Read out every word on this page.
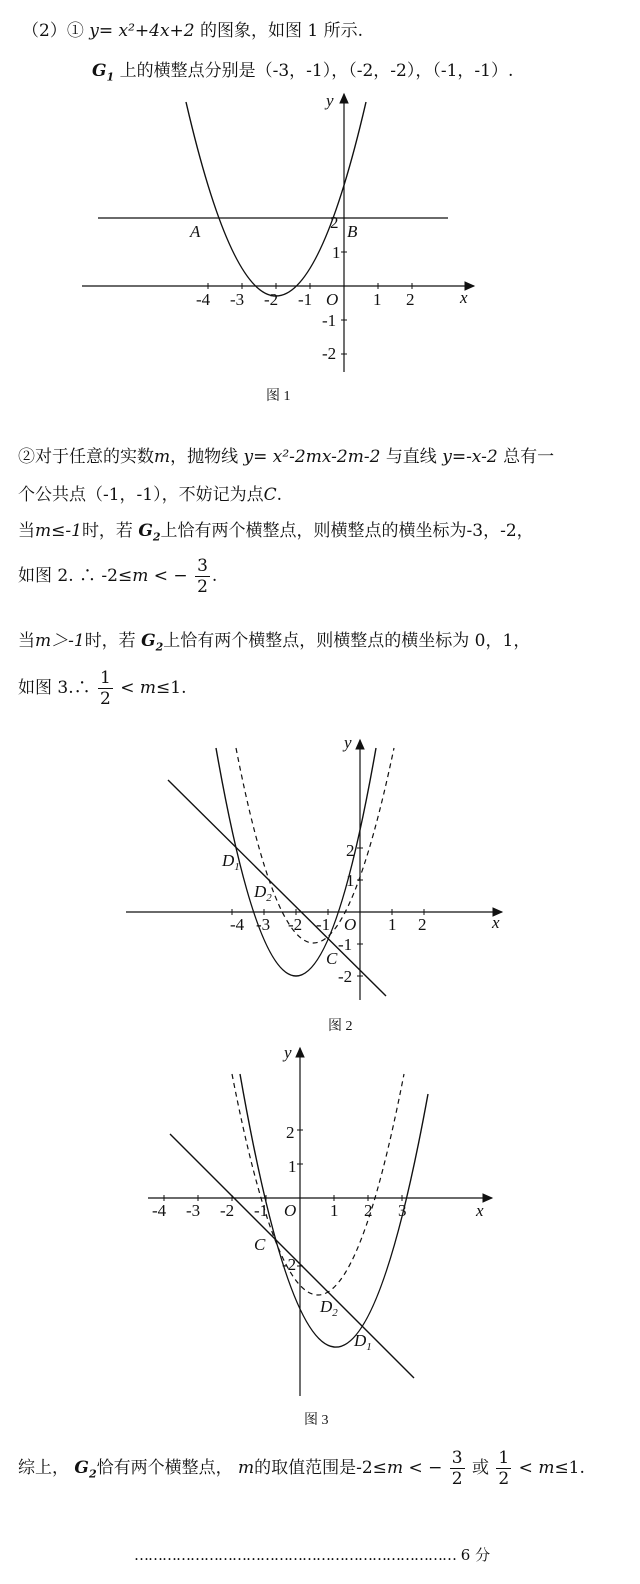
（2）① y= x²+4x+2 的图象，如图 1 所示.
$G_1$ 上的横整点分别是（-3，-1），（-2，-2），（-1，-1）.
y
x
-4 -3 -2 -1	1 2
O
2
1
-1
-2
A	B
图 1
②对于任意的实数m，抛物线 y= x²-2mx-2m-2 与直线 y=-x-2 总有一
个公共点（-1，-1），不妨记为点C.
当m≤-1时，若 $G_2$上恰有两个横整点，则横整点的横坐标为-3，-2，
如图 2. ∴ -2≤m < − $\frac{3}{2}$ .
当m＞-1时，若 $G_2$上恰有两个横整点，则横整点的横坐标为 0，1，
如图 3.∴ $\frac{1}{2} < m\le 1$.
y
x
-4 -3 -2 -1	1 2
O
2
1
-1
-2
$D_1$
$D_2$
C
图 2
y
x
-4 -3 -2 -1	1 2 3
O
2
1
-2
C
$D_2$
$D_1$
图 3
综上， $G_2$恰有两个横整点， m的取值范围是-2≤m < − $\frac{3}{2}$ 或 $\frac{1}{2} < m\le 1$.
…………………………………………………………… 6 分
